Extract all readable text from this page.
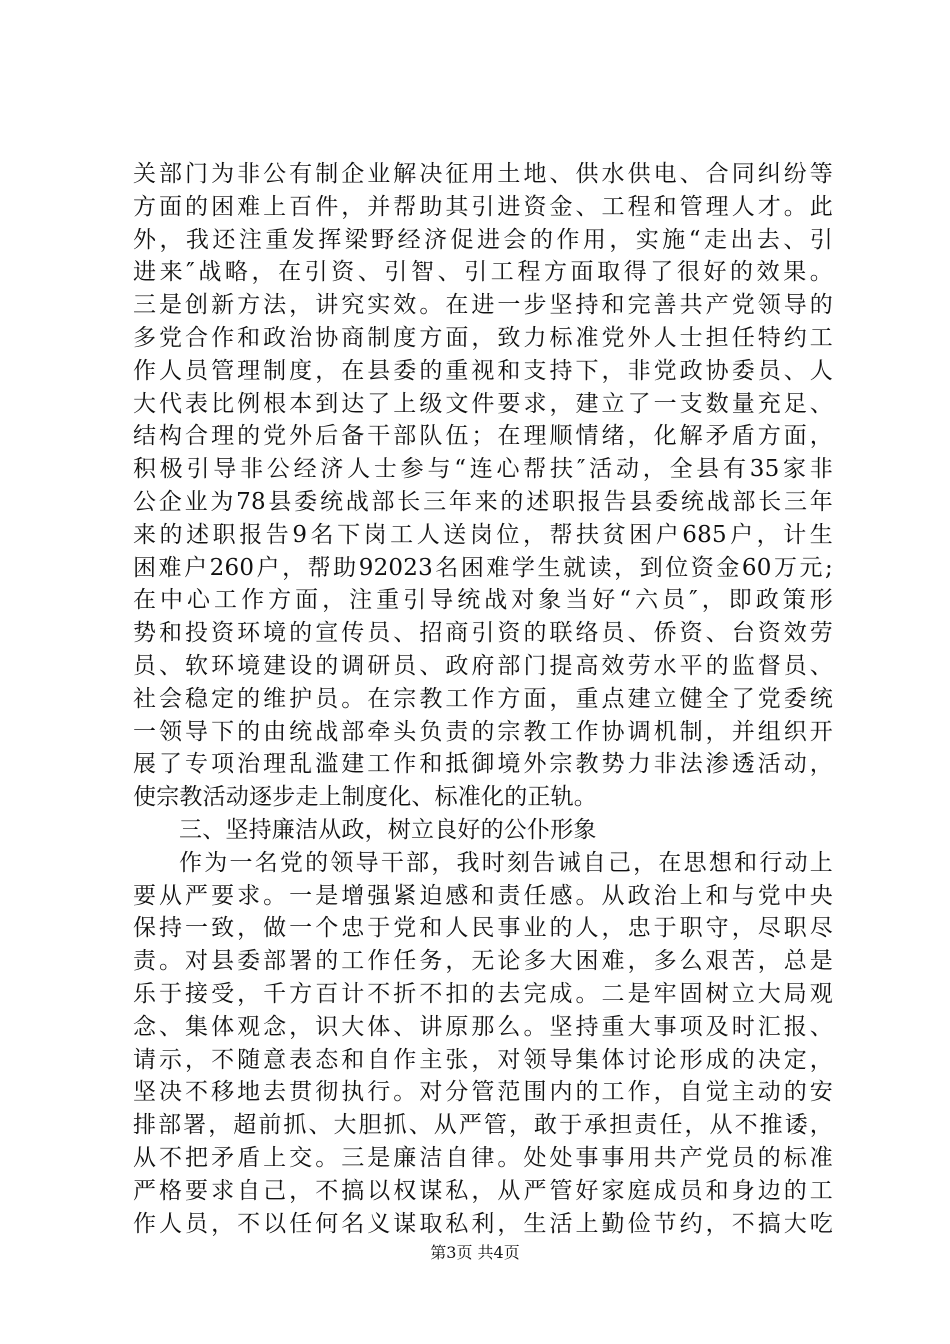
关部门为非公有制企业解决征用土地、供水供电、合同纠纷等
方面的困难上百件，并帮助其引进资金、工程和管理人才。此
外，我还注重发挥梁野经济促进会的作用，实施“走出去、引
进来″战略，在引资、引智、引工程方面取得了很好的效果。
三是创新方法，讲究实效。在进一步坚持和完善共产党领导的
多党合作和政治协商制度方面，致力标准党外人士担任特约工
作人员管理制度，在县委的重视和支持下，非党政协委员、人
大代表比例根本到达了上级文件要求，建立了一支数量充足、
结构合理的党外后备干部队伍；在理顺情绪，化解矛盾方面，
积极引导非公经济人士参与“连心帮扶″活动，全县有35家非
公企业为78县委统战部长三年来的述职报告县委统战部长三年
来的述职报告9名下岗工人送岗位，帮扶贫困户685户，计生
困难户260户，帮助92023名困难学生就读，到位资金60万元;
在中心工作方面，注重引导统战对象当好“六员″，即政策形
势和投资环境的宣传员、招商引资的联络员、侨资、台资效劳
员、软环境建设的调研员、政府部门提高效劳水平的监督员、
社会稳定的维护员。在宗教工作方面，重点建立健全了党委统
一领导下的由统战部牵头负责的宗教工作协调机制，并组织开
展了专项治理乱滥建工作和抵御境外宗教势力非法渗透活动，
使宗教活动逐步走上制度化、标准化的正轨。
三、坚持廉洁从政，树立良好的公仆形象
作为一名党的领导干部，我时刻告诫自己，在思想和行动上
要从严要求。一是增强紧迫感和责任感。从政治上和与党中央
保持一致，做一个忠于党和人民事业的人，忠于职守，尽职尽
责。对县委部署的工作任务，无论多大困难，多么艰苦，总是
乐于接受，千方百计不折不扣的去完成。二是牢固树立大局观
念、集体观念，识大体、讲原那么。坚持重大事项及时汇报、
请示，不随意表态和自作主张，对领导集体讨论形成的决定，
坚决不移地去贯彻执行。对分管范围内的工作，自觉主动的安
排部署，超前抓、大胆抓、从严管，敢于承担责任，从不推诿，
从不把矛盾上交。三是廉洁自律。处处事事用共产党员的标准
严格要求自己，不搞以权谋私，从严管好家庭成员和身边的工
作人员，不以任何名义谋取私利，生活上勤俭节约，不搞大吃
第3页 共4页
